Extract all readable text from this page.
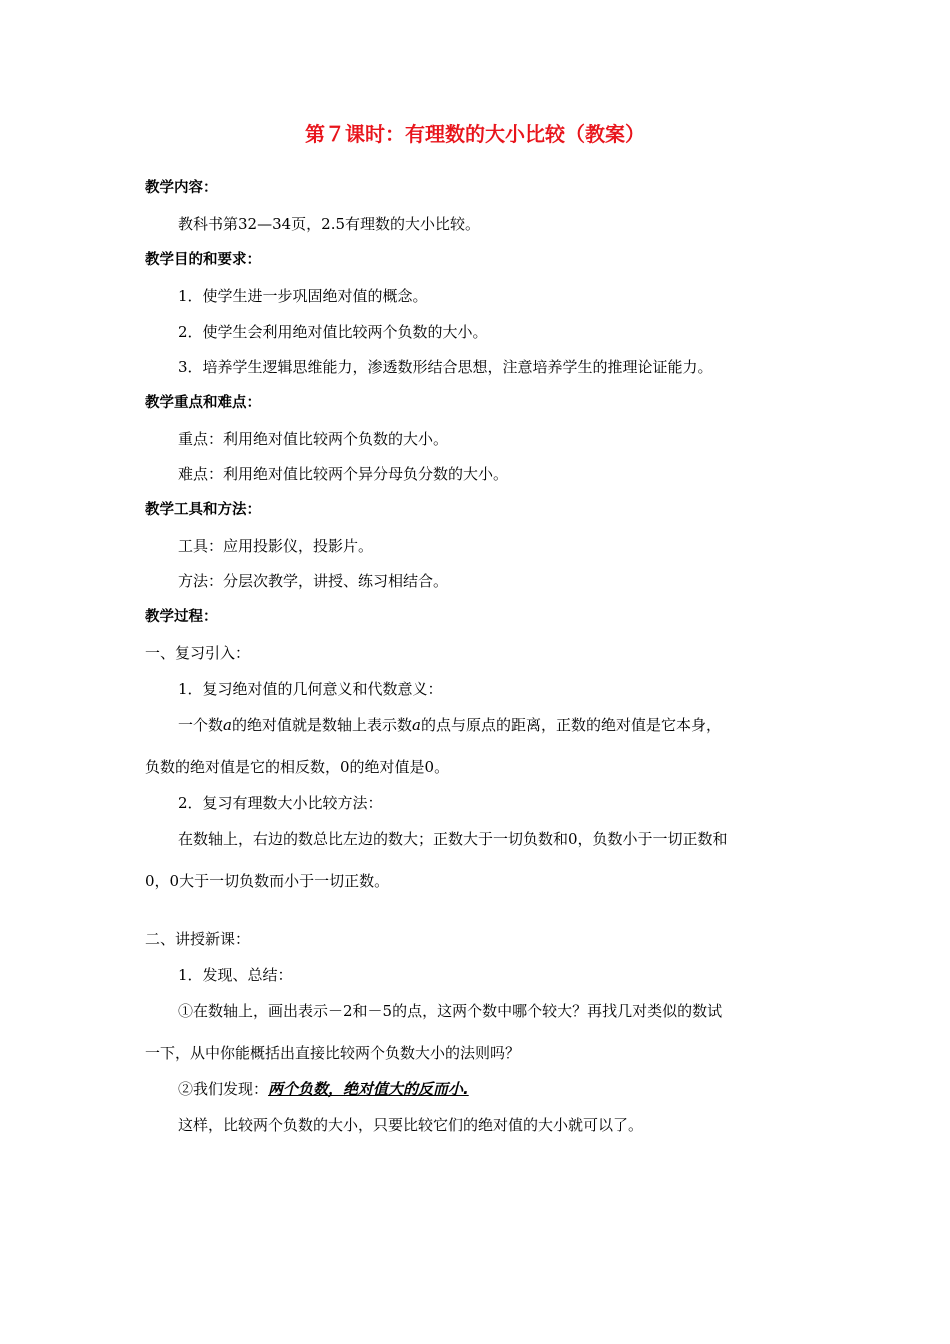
第７课时：有理数的大小比较（教案）
教学内容：
教科书第32—34页，2.5有理数的大小比较。
教学目的和要求：
1．使学生进一步巩固绝对值的概念。
2．使学生会利用绝对值比较两个负数的大小。
3．培养学生逻辑思维能力，渗透数形结合思想，注意培养学生的推理论证能力。
教学重点和难点：
重点：利用绝对值比较两个负数的大小。
难点：利用绝对值比较两个异分母负分数的大小。
教学工具和方法：
工具：应用投影仪，投影片。
方法：分层次教学，讲授、练习相结合。
教学过程：
一、复习引入：
1．复习绝对值的几何意义和代数意义：
一个数a的绝对值就是数轴上表示数a的点与原点的距离，正数的绝对值是它本身，
负数的绝对值是它的相反数，0的绝对值是0。
2．复习有理数大小比较方法：
在数轴上，右边的数总比左边的数大；正数大于一切负数和0，负数小于一切正数和
0，0大于一切负数而小于一切正数。
二、讲授新课：
1．发现、总结：
①在数轴上，画出表示－2和－5的点，这两个数中哪个较大？再找几对类似的数试
一下，从中你能概括出直接比较两个负数大小的法则吗？
②我们发现：两个负数，绝对值大的反而小.
这样，比较两个负数的大小，只要比较它们的绝对值的大小就可以了。
